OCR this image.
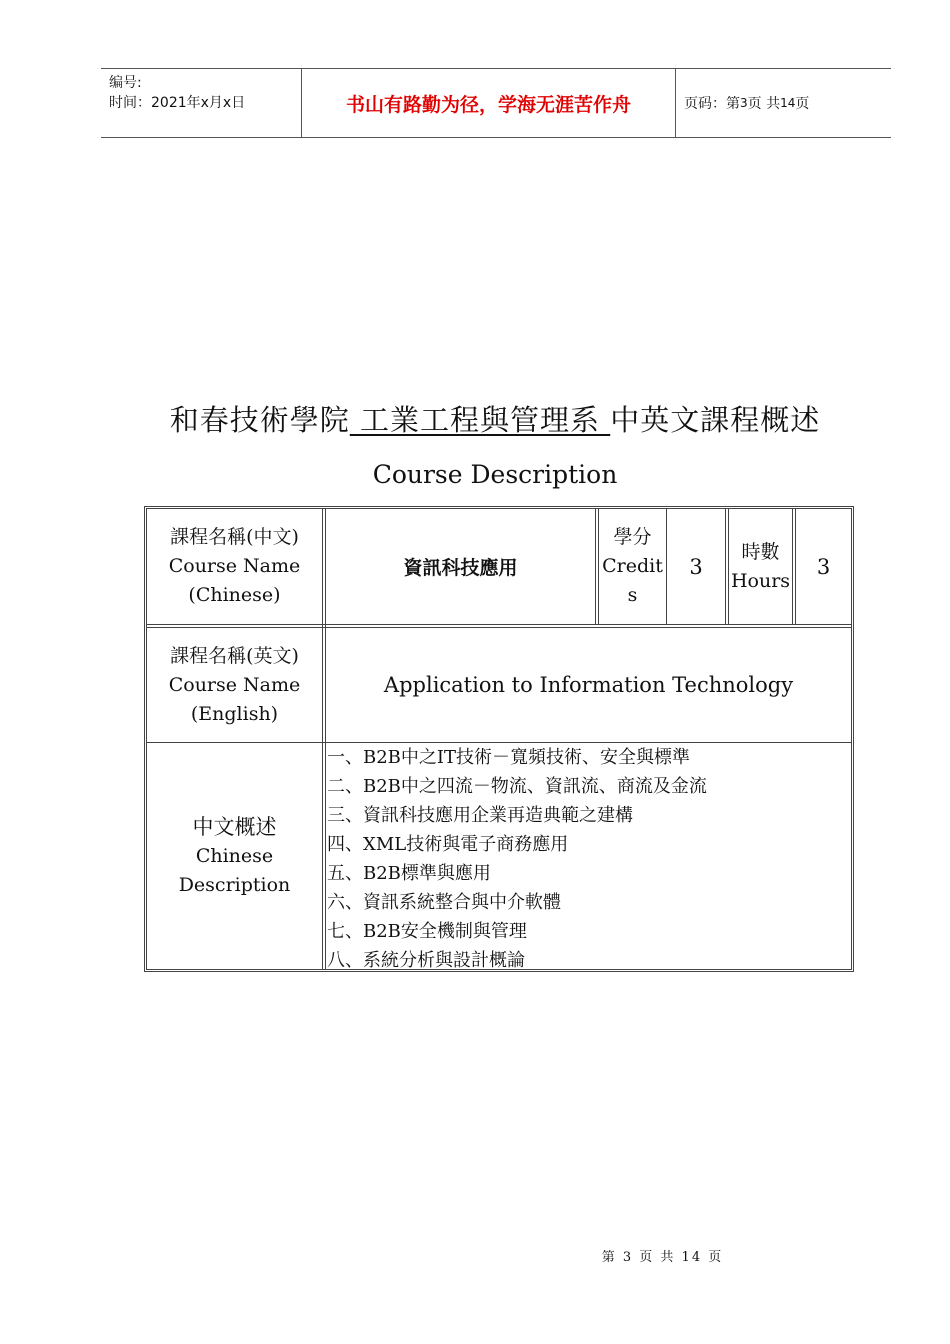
编号:
时间：2021年x月x日	书山有路勤为径，学海无涯苦作舟	页码：第 3 页 共 14 页
和春技術學院 工業工程與管理系 中英文課程概述
Course Description
課程名稱(中文)
Course Name
(Chinese)
資訊科技應用
學分
Credit
s
3
時數
Hours
3
課程名稱(英文)
Course Name
(English)
Application to Information Technology
中文概述
Chinese
Description
一、B2B中之IT技術－寬頻技術、安全與標準
二、B2B中之四流－物流、資訊流、商流及金流
三、資訊科技應用企業再造典範之建構
四、XML技術與電子商務應用
五、B2B標準與應用
六、資訊系統整合與中介軟體
七、B2B安全機制與管理
八、系統分析與設計概論
第 3 页 共 14 页
